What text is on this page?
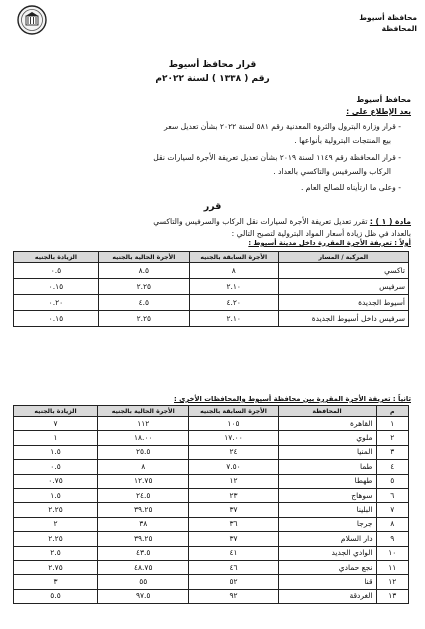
محافظة أسيوط
المحافظة
قرار محافظ أسيوط
رقم ( ١٣٣٨ ) لسنة ٢٠٢٢م
محافظ أسيوط
بعد الإطلاع على :
- قرار وزارة البترول والثروة المعدنية رقم ٥٨١ لسنة ٢٠٢٢ بشأن تعديل سعر
بيع المنتجات البترولية بأنواعها .
- قرار المحافظة رقم ١١٤٩ لسنة ٢٠١٩ بشأن تعديل تعريفة الأجرة لسيارات نقل
الركاب والسرفيس والتاكسي بالعداد .
- وعلى ما ارتأيناه للصالح العام .
قرر
مادة ( ١ ) : تقرر تعديل تعريفة الأجرة لسيارات نقل الركاب والسرفيس والتاكسي
بالعداد في ظل زيادة أسعار المواد البترولية لتصبح التالي :
المركبة / المسار	الأجرة السابقة بالجنيه	الأجرة الحالية بالجنيه	الزيادة بالجنيه
تاكسي	٨	٨.٥	٠.٥
سرفيس	٢.١٠	٢.٢٥	٠.١٥
أسيوط الجديدة	٤.٢٠	٤.٥	٠.٢٠
سرفيس داخل أسيوط الجديدة	٢.١٠	٢.٢٥	٠.١٥
ثانياً : تعريفة الأجرة المقررة بين محافظة أسيوط والمحافظات الأخرى :
م	المحافظة	الأجرة السابقة بالجنيه	الأجرة الحالية بالجنيه	الزيادة بالجنيه
١	القاهرة	١٠٥	١١٢	٧
٢	ملوي	١٧.٠٠	١٨.٠٠	١
٣	المنيا	٢٤	٢٥.٥	١.٥
٤	طما	٧.٥٠	٨	٠.٥
٥	طهطا	١٢	١٢.٧٥	٠.٧٥
٦	سوهاج	٢٣	٢٤.٥	١.٥
٧	البلينا	٣٧	٣٩.٢٥	٢.٢٥
٨	جرجا	٣٦	٣٨	٢
٩	دار السلام	٣٧	٣٩.٢٥	٢.٢٥
١٠	الوادي الجديد	٤١	٤٣.٥	٢.٥
١١	نجع حمادي	٤٦	٤٨.٧٥	٢.٧٥
١٢	قنا	٥٢	٥٥	٣
١٣	الغردقة	٩٢	٩٧.٥	٥.٥
أولاً : تعريفة الأجرة المقررة داخل مدينة أسيوط :
